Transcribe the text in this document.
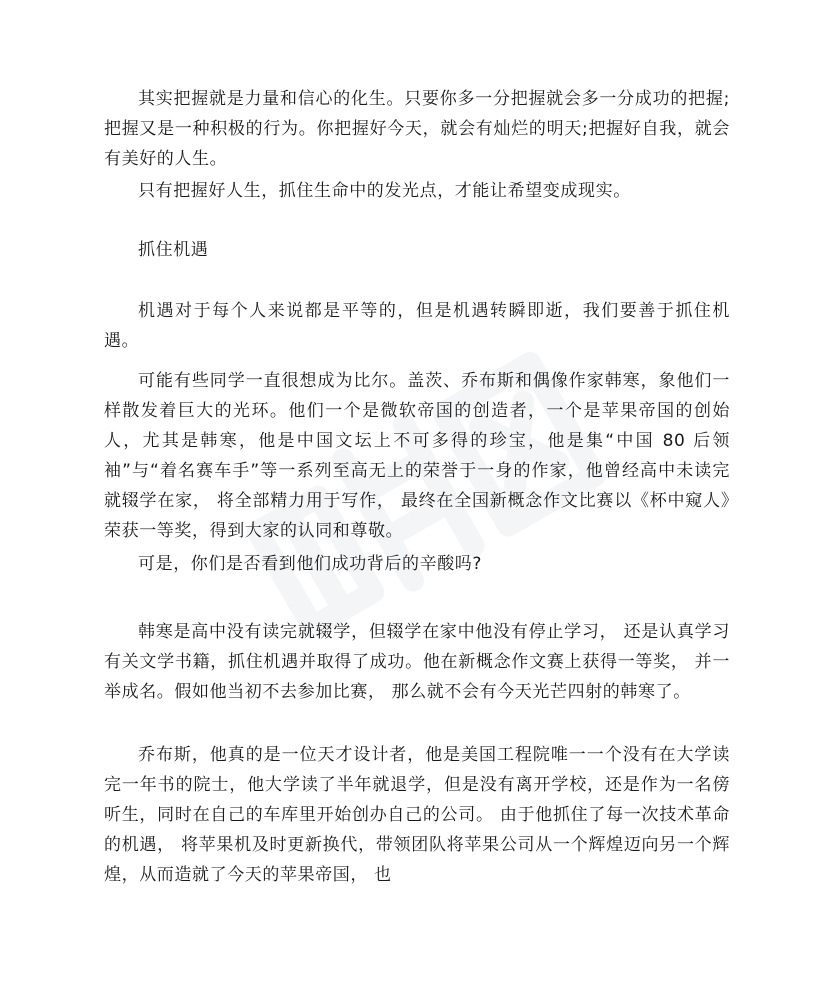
其实把握就是力量和信心的化生。只要你多一分把握就会多一分成功的把握;把握又是一种积极的行为。你把握好今天，就会有灿烂的明天;把握好自我，就会有美好的人生。

只有把握好人生，抓住生命中的发光点，才能让希望变成现实。

抓住机遇

机遇对于每个人来说都是平等的，但是机遇转瞬即逝，我们要善于抓住机遇。

可能有些同学一直很想成为比尔。盖茨、乔布斯和偶像作家韩寒，象他们一样散发着巨大的光环。他们一个是微软帝国的创造者，一个是苹果帝国的创始人，尤其是韩寒，他是中国文坛上不可多得的珍宝，他是集“中国 80 后领袖”与“着名赛车手”等一系列至高无上的荣誉于一身的作家，他曾经高中未读完就辍学在家， 将全部精力用于写作， 最终在全国新概念作文比赛以《杯中窥人》荣获一等奖，得到大家的认同和尊敬。

可是，你们是否看到他们成功背后的辛酸吗?

韩寒是高中没有读完就辍学，但辍学在家中他没有停止学习， 还是认真学习有关文学书籍，抓住机遇并取得了成功。他在新概念作文赛上获得一等奖， 并一举成名。假如他当初不去参加比赛， 那么就不会有今天光芒四射的韩寒了。

乔布斯，他真的是一位天才设计者，他是美国工程院唯一一个没有在大学读完一年书的院士，他大学读了半年就退学，但是没有离开学校，还是作为一名傍听生，同时在自己的车库里开始创办自己的公司。 由于他抓住了每一次技术革命的机遇， 将苹果机及时更新换代，带领团队将苹果公司从一个辉煌迈向另一个辉煌，从而造就了今天的苹果帝国， 也
